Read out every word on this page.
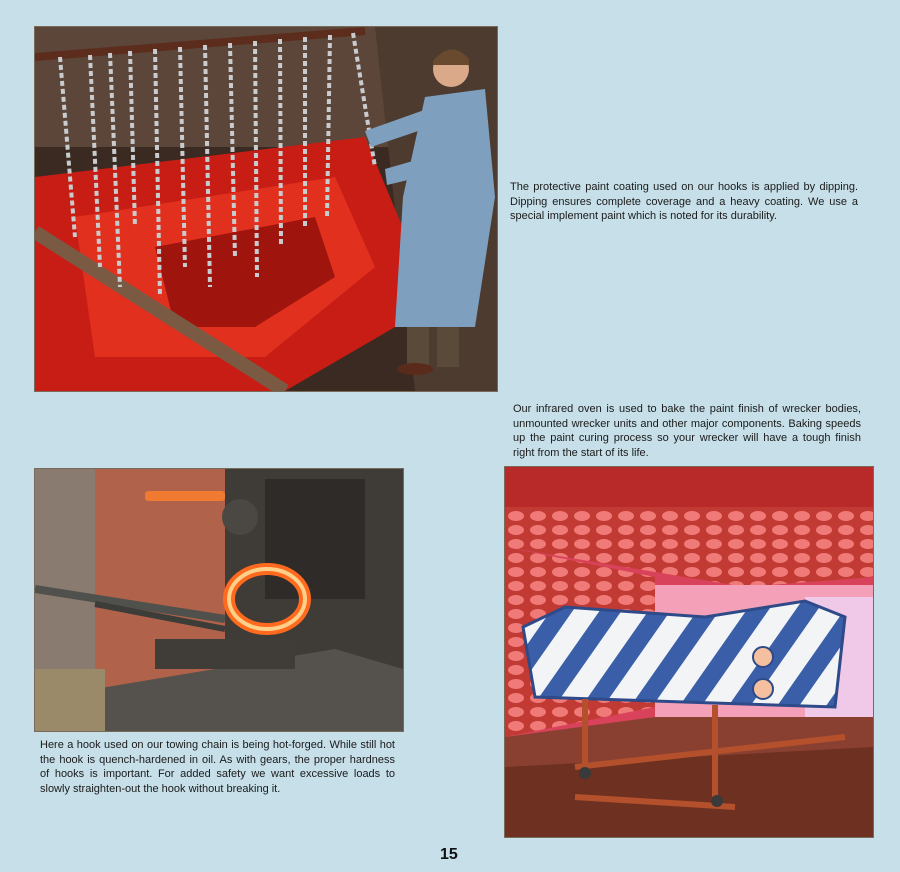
The protective paint coating used on our hooks is applied by dipping. Dipping ensures complete coverage and a heavy coating. We use a special implement paint which is noted for its durability.

Our infrared oven is used to bake the paint finish of wrecker bodies, unmounted wrecker units and other major components. Baking speeds up the paint curing process so your wrecker will have a tough finish right from the start of its life.

Here a hook used on our towing chain is being hot-forged. While still hot the hook is quench-hardened in oil. As with gears, the proper hardness of hooks is important. For added safety we want excessive loads to slowly straighten-out the hook without breaking it.

15
